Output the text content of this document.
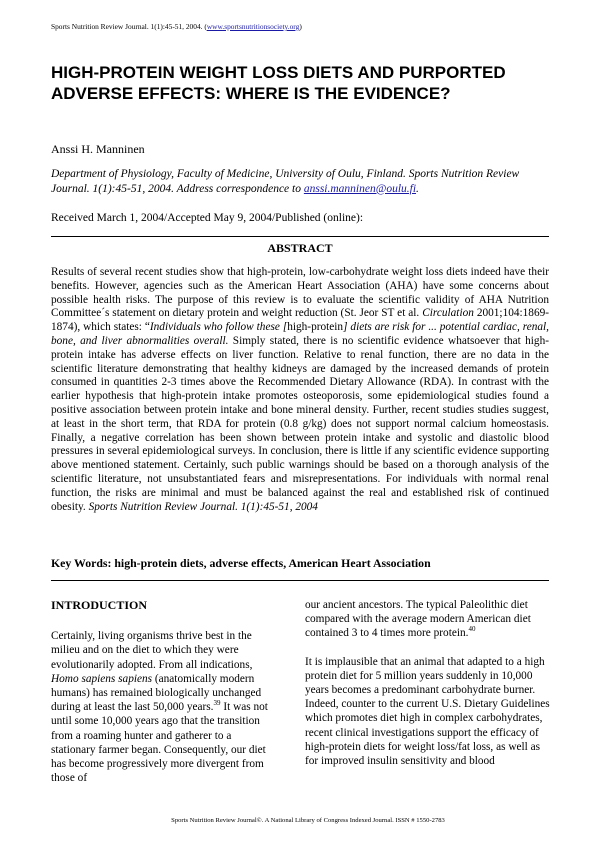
Sports Nutrition Review Journal. 1(1):45-51, 2004. (www.sportsnutritionsociety.org)
HIGH-PROTEIN WEIGHT LOSS DIETS AND PURPORTED ADVERSE EFFECTS: WHERE IS THE EVIDENCE?
Anssi H. Manninen
Department of Physiology, Faculty of Medicine, University of Oulu, Finland. Sports Nutrition Review Journal. 1(1):45-51, 2004. Address correspondence to anssi.manninen@oulu.fi.
Received March 1, 2004/Accepted May 9, 2004/Published (online):
ABSTRACT
Results of several recent studies show that high-protein, low-carbohydrate weight loss diets indeed have their benefits. However, agencies such as the American Heart Association (AHA) have some concerns about possible health risks. The purpose of this review is to evaluate the scientific validity of AHA Nutrition Committee´s statement on dietary protein and weight reduction (St. Jeor ST et al. Circulation 2001;104:1869-1874), which states: “Individuals who follow these [high-protein] diets are risk for ... potential cardiac, renal, bone, and liver abnormalities overall. Simply stated, there is no scientific evidence whatsoever that high-protein intake has adverse effects on liver function. Relative to renal function, there are no data in the scientific literature demonstrating that healthy kidneys are damaged by the increased demands of protein consumed in quantities 2-3 times above the Recommended Dietary Allowance (RDA). In contrast with the earlier hypothesis that high-protein intake promotes osteoporosis, some epidemiological studies found a positive association between protein intake and bone mineral density. Further, recent studies studies suggest, at least in the short term, that RDA for protein (0.8 g/kg) does not support normal calcium homeostasis. Finally, a negative correlation has been shown between protein intake and systolic and diastolic blood pressures in several epidemiological surveys. In conclusion, there is little if any scientific evidence supporting above mentioned statement. Certainly, such public warnings should be based on a thorough analysis of the scientific literature, not unsubstantiated fears and misrepresentations. For individuals with normal renal function, the risks are minimal and must be balanced against the real and established risk of continued obesity. Sports Nutrition Review Journal. 1(1):45-51, 2004
Key Words: high-protein diets, adverse effects, American Heart Association
INTRODUCTION

Certainly, living organisms thrive best in the milieu and on the diet to which they were evolutionarily adopted. From all indications, Homo sapiens sapiens (anatomically modern humans) has remained biologically unchanged during at least the last 50,000 years.$^{39}$ It was not until some 10,000 years ago that the transition from a roaming hunter and gatherer to a stationary farmer began. Consequently, our diet has become progressively more divergent from those of

our ancient ancestors. The typical Paleolithic diet compared with the average modern American diet contained 3 to 4 times more protein.$^{40}$

It is implausible that an animal that adapted to a high protein diet for 5 million years suddenly in 10,000 years becomes a predominant carbohydrate burner. Indeed, counter to the current U.S. Dietary Guidelines which promotes diet high in complex carbohydrates, recent clinical investigations support the efficacy of high-protein diets for weight loss/fat loss, as well as for improved insulin sensitivity and blood

Sports Nutrition Review Journal©. A National Library of Congress Indexed Journal. ISSN # 1550-2783
